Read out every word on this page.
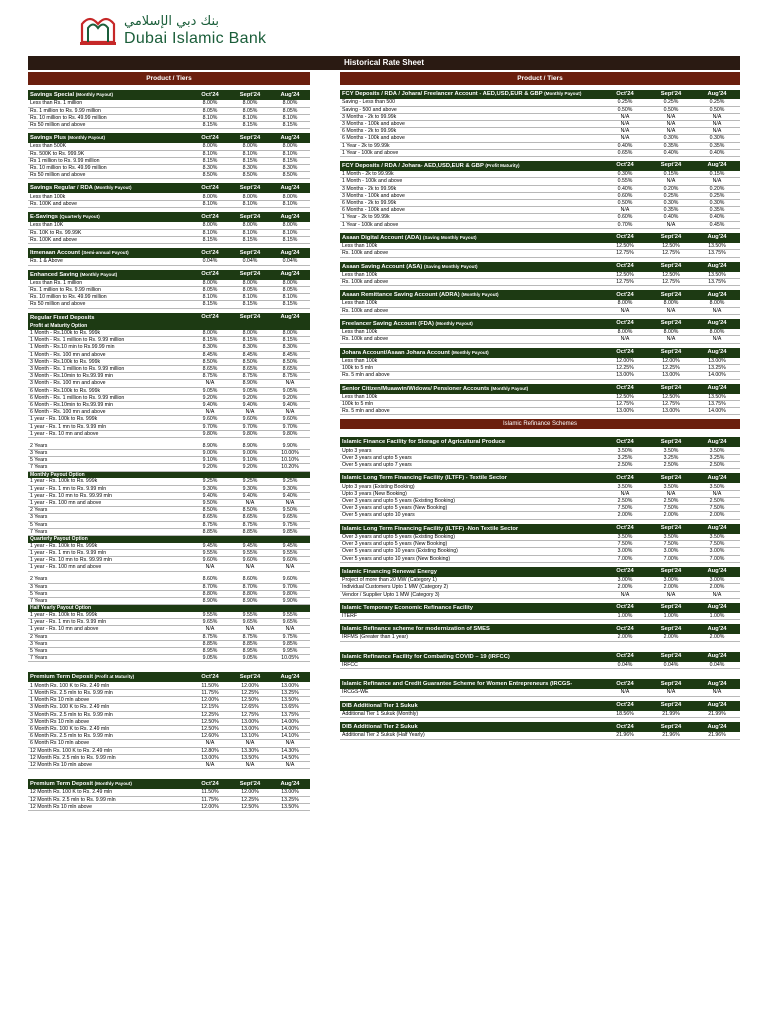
بنك دبي الإسلامي
Dubai Islamic Bank
Historical Rate Sheet
Product / Tiers
Savings Special (Monthly Payout)	Oct'24	Sept'24	Aug'24
Less than Rs. 1 million	8.00%	8.00%	8.00%
Rs. 1 million to Rs. 9.99 million	8.05%	8.05%	8.05%
Rs. 10 million to Rs. 49.99 million	8.10%	8.10%	8.10%
Rs 50 million and above	8.15%	8.15%	8.15%
Savings Plus (Monthly Payout)	Oct'24	Sept'24	Aug'24
Less than 500K	8.00%	8.00%	8.00%
Rs. 500K to Rs. 999.9K	8.10%	8.10%	8.10%
Rs 1 million to Rs. 9.99 million	8.15%	8.15%	8.15%
Rs. 10 million to Rs. 49.99 million	8.30%	8.30%	8.30%
Rs 50 million and above	8.50%	8.50%	8.50%
Savings Regular / RDA (Monthly Payout)	Oct'24	Sept'24	Aug'24
Less than 100k	8.00%	8.00%	8.00%
Rs. 100K and above	8.10%	8.10%	8.10%
E-Savings (Quarterly Payout)	Oct'24	Sept'24	Aug'24
Less than 10K	8.00%	8.00%	8.00%
Rs. 10K to Rs. 99.99K	8.10%	8.10%	8.10%
Rs. 100K and above	8.15%	8.15%	8.15%
Itmenaan Account (Semi-annual Payout)	Oct'24	Sept'24	Aug'24
Rs. 1 & Above	0.04%	0.04%	0.04%
Enhanced Saving (Monthly Payout)	Oct'24	Sept'24	Aug'24
Less than Rs. 1 million	8.00%	8.00%	8.00%
Rs. 1 million to Rs. 9.99 million	8.05%	8.05%	8.05%
Rs. 10 million to Rs. 49.99 million	8.10%	8.10%	8.10%
Rs 50 million and above	8.15%	8.15%	8.15%
Regular Fixed Deposits	Oct'24	Sept'24	Aug'24
Profit at Maturity Option			
1 Month - Rs.100k to Rs. 999k	8.00%	8.00%	8.00%
1 Month - Rs. 1 million to Rs. 9.99 million	8.15%	8.15%	8.15%
1 Month - Rs.10 min to Rs.99.99 min	8.30%	8.30%	8.30%
1 Month - Rs. 100 mn and above	8.45%	8.45%	8.45%
3 Month - Rs.100k to Rs. 999k	8.50%	8.50%	8.50%
3 Month - Rs. 1 million to Rs. 9.99 million	8.65%	8.65%	8.65%
3 Month - Rs.10min to Rs.99.99 min	8.75%	8.75%	8.75%
3 Month - Rs. 100 mn and above	N/A	8.90%	N/A
6 Month - Rs.100k to Rs. 999k	9.05%	9.05%	9.05%
6 Month - Rs. 1 million to Rs. 9.99 million	9.20%	9.20%	9.20%
6 Month - Rs.10min to Rs.99.99 min	9.40%	9.40%	9.40%
6 Month - Rs. 100 mn and above	N/A	N/A	N/A
1 year - Rs. 100k to Rs. 999k	9.60%	9.60%	9.60%
1 year - Rs. 1 mn to Rs. 9.99 mln	9.70%	9.70%	9.70%
1 year - Rs. 10 mn and above	9.80%	9.80%	9.80%

2 Years	8.90%	8.90%	9.90%
3 Years	9.00%	9.00%	10.00%
5 Years	9.10%	9.10%	10.10%
7 Years	9.20%	9.20%	10.20%
Monthly Payout Option			
1 year - Rs. 100k to Rs. 999k	9.25%	9.25%	9.25%
1 year - Rs. 1 mn to Rs. 9.99 mln	9.30%	9.30%	9.30%
1 year - Rs. 10 mn to Rs. 99.99 mln	9.40%	9.40%	9.40%
1 year - Rs. 100 mn and above	9.50%	N/A	N/A
2 Years	8.50%	8.50%	9.50%
3 Years	8.65%	8.65%	9.65%
5 Years	8.75%	8.75%	9.75%
7 Years	8.85%	8.85%	9.85%
Quarterly Payout Option			
1 year - Rs. 100k to Rs. 999k	9.45%	9.45%	9.45%
1 year - Rs. 1 mn to Rs. 9.99 mln	9.55%	9.55%	9.55%
1 year - Rs. 10 mn to Rs. 99.99 mln	9.60%	9.60%	9.60%
1 year - Rs. 100 mn and above	N/A	N/A	N/A

2 Years	8.60%	8.60%	9.60%
3 Years	8.70%	8.70%	9.70%
5 Years	8.80%	8.80%	9.80%
7 Years	8.90%	8.90%	9.90%
Half Yearly Payout Option			
1 year - Rs. 100k to Rs. 999k	9.55%	9.55%	9.55%
1 year - Rs. 1 mn to Rs. 9.99 mln	9.65%	9.65%	9.65%
1 year - Rs. 10 mn and above	N/A	N/A	N/A
2 Years	8.75%	8.75%	9.75%
3 Years	8.85%	8.85%	9.85%
5 Years	8.95%	8.95%	9.95%
7 Years	9.05%	9.05%	10.05%
Premium Term Deposit (Profit at Maturity)	Oct'24	Sept'24	Aug'24
1 Month Rs. 100 K to Rs. 2.49 mln	11.50%	12.00%	13.00%
1 Month Rs. 2.5 mln to Rs. 9.99 mln	11.75%	12.25%	13.25%
1 Month Rs 10 mln above	12.00%	12.50%	13.50%
3 Month Rs. 100 K to Rs. 2.49 mln	12.15%	12.65%	13.65%
3 Month Rs. 2.5 mln to Rs. 9.99 mln	12.25%	12.75%	13.75%
3 Month Rs 10 mln above	12.50%	13.00%	14.00%
6 Month Rs. 100 K to Rs. 2.49 mln	12.50%	13.00%	14.00%
6 Month Rs. 2.5 mln to Rs. 9.99 mln	12.60%	13.10%	14.10%
6 Month Rs 10 mln above	N/A	N/A	N/A
12 Month Rs. 100 K to Rs. 2.49 mln	12.80%	13.30%	14.30%
12 Month Rs. 2.5 mln to Rs. 9.99 mln	13.00%	13.50%	14.50%
12 Month Rs 10 mln above	N/A	N/A	N/A
Premium Term Deposit (Monthly Payout)	Oct'24	Sept'24	Aug'24
12 Month Rs. 100 K to Rs. 2.49 mln	11.50%	12.00%	13.00%
12 Month Rs. 2.5 mln to Rs. 9.99 mln	11.75%	12.25%	13.25%
12 Month Rs 10 mln above	12.00%	12.50%	13.50%
Product / Tiers
FCY Deposits / RDA / Johara/ Freelancer Account - AED,USD,EUR & GBP (Monthly Payout)	Oct'24	Sept'24	Aug'24
Saving - Less than 500	0.25%	0.25%	0.25%
Saving - 500 and above	0.50%	0.50%	0.50%
3 Months - 2k to 99.99k	N/A	N/A	N/A
3 Months - 100k and above	N/A	N/A	N/A
6 Months - 2k to 99.99k	N/A	N/A	N/A
6 Months - 100k and above	N/A	0.30%	0.30%
1 Year - 2k to 99.99k	0.40%	0.35%	0.35%
1 Year - 100k and above	0.65%	0.40%	0.40%
FCY Deposits / RDA / Johara- AED,USD,EUR & GBP (Profit Maturity)	Oct'24	Sept'24	Aug'24
1 Month - 2k to 99.99k	0.30%	0.15%	0.15%
1 Month - 100k and above	0.55%	N/A	N/A
3 Months - 2k to 99.99k	0.40%	0.20%	0.20%
3 Months - 100k and above	0.60%	0.25%	0.25%
6 Months - 2k to 99.99k	0.50%	0.30%	0.30%
6 Months - 100k and above	N/A	0.35%	0.35%
1 Year - 2k to 99.99k	0.60%	0.40%	0.40%
1 Year - 100k and above	0.70%	N/A	0.45%
Asaan Digital Account (ADA) (Saving Monthly Payout)	Oct'24	Sept'24	Aug'24
Less than 100k	12.50%	12.50%	13.50%
Rs. 100k and above	12.75%	12.75%	13.75%
Asaan Saving Account (ASA) (Saving Monthly Payout)	Oct'24	Sept'24	Aug'24
Less than 100k	12.50%	12.50%	13.50%
Rs. 100k and above	12.75%	12.75%	13.75%
Asaan Remittance Saving Account (ADRA) (Monthly Payout)	Oct'24	Sept'24	Aug'24
Less than 100k	8.00%	8.00%	8.00%
Rs. 100k and above	N/A	N/A	N/A
Freelancer Saving Account (FDA) (Monthly Payout)	Oct'24	Sept'24	Aug'24
Less than 100k	8.00%	8.00%	8.00%
Rs. 100k and above	N/A	N/A	N/A
Johara Account/Asaan Johara Account (Monthly Payout)	Oct'24	Sept'24	Aug'24
Less than 100k	12.00%	12.00%	13.00%
100k to 5 mln	12.25%	12.25%	13.25%
Rs. 5 mln and above	13.00%	13.00%	14.00%
Senior Citizen/Muaawin/Widows/ Pensioner Accounts (Monthly Payout)	Oct'24	Sept'24	Aug'24
Less than 100k	12.50%	12.50%	13.50%
100k to 5 mln	12.75%	12.75%	13.75%
Rs. 5 mln and above	13.00%	13.00%	14.00%
Islamic Refinance Schemes
Islamic Finance Facility for Storage of Agricultural Produce	Oct'24	Sept'24	Aug'24
Upto 3 years	3.50%	3.50%	3.50%
Over 3 years and upto 5 years	3.25%	3.25%	3.25%
Over 5 years and upto 7 years	2.50%	2.50%	2.50%
Islamic Long Term Financing Facility (ILTFF) - Textile Sector	Oct'24	Sept'24	Aug'24
Upto 3 years (Existing Booking)	3.50%	3.50%	3.50%
Upto 3 years (New Booking)	N/A	N/A	N/A
Over 3 years and upto 5 years (Existing Booking)	2.50%	2.50%	2.50%
Over 3 years and upto 5 years (New Booking)	7.50%	7.50%	7.50%
Over 5 years and upto 10 years	2.00%	2.00%	2.00%
Islamic Long Term Financing Facility (ILTFF) -Non Textile Sector	Oct'24	Sept'24	Aug'24
Over 3 years and upto 5 years (Existing Booking)	3.50%	3.50%	3.50%
Over 3 years and upto 5 years (New Booking)	7.50%	7.50%	7.50%
Over 5 years and upto 10 years (Existing Booking)	3.00%	3.00%	3.00%
Over 5 years and upto 10 years (New Booking)	7.00%	7.00%	7.00%
Islamic Financing Renewal Energy	Oct'24	Sept'24	Aug'24
Project of more than 20 MW (Category 1)	3.00%	3.00%	3.00%
Individual Customers Upto 1 MW (Category 2)	2.00%	2.00%	2.00%
Vendor / Supplier Upto 1 MW (Category 3)	N/A	N/A	N/A
Islamic Temporary Economic Refinance Facility	Oct'24	Sept'24	Aug'24
ITERF	1.00%	1.00%	1.00%
Islamic Refinance scheme for modernization of SMES	Oct'24	Sept'24	Aug'24
IRFMS (Greater than 1 year)	2.00%	2.00%	2.00%
Islamic Refinance Facility for Combating COVID – 19 (IRFCC)	Oct'24	Sept'24	Aug'24
IRFCC	0.04%	0.04%	0.04%
Islamic Refinance and Credit Guarantee Scheme for Women Entrepreneurs (IRCGS-	Oct'24	Sept'24	Aug'24
IRCGS-WE	N/A	N/A	N/A
DIB Additional Tier 1 Sukuk	Oct'24	Sept'24	Aug'24
Additional Tier 1 Sukuk (Monthly)	18.56%	21.99%	21.99%
DIB Additional Tier 2 Sukuk	Oct'24	Sept'24	Aug'24
Additional Tier 2 Sukuk (Half Yearly)	21.96%	21.96%	21.96%
